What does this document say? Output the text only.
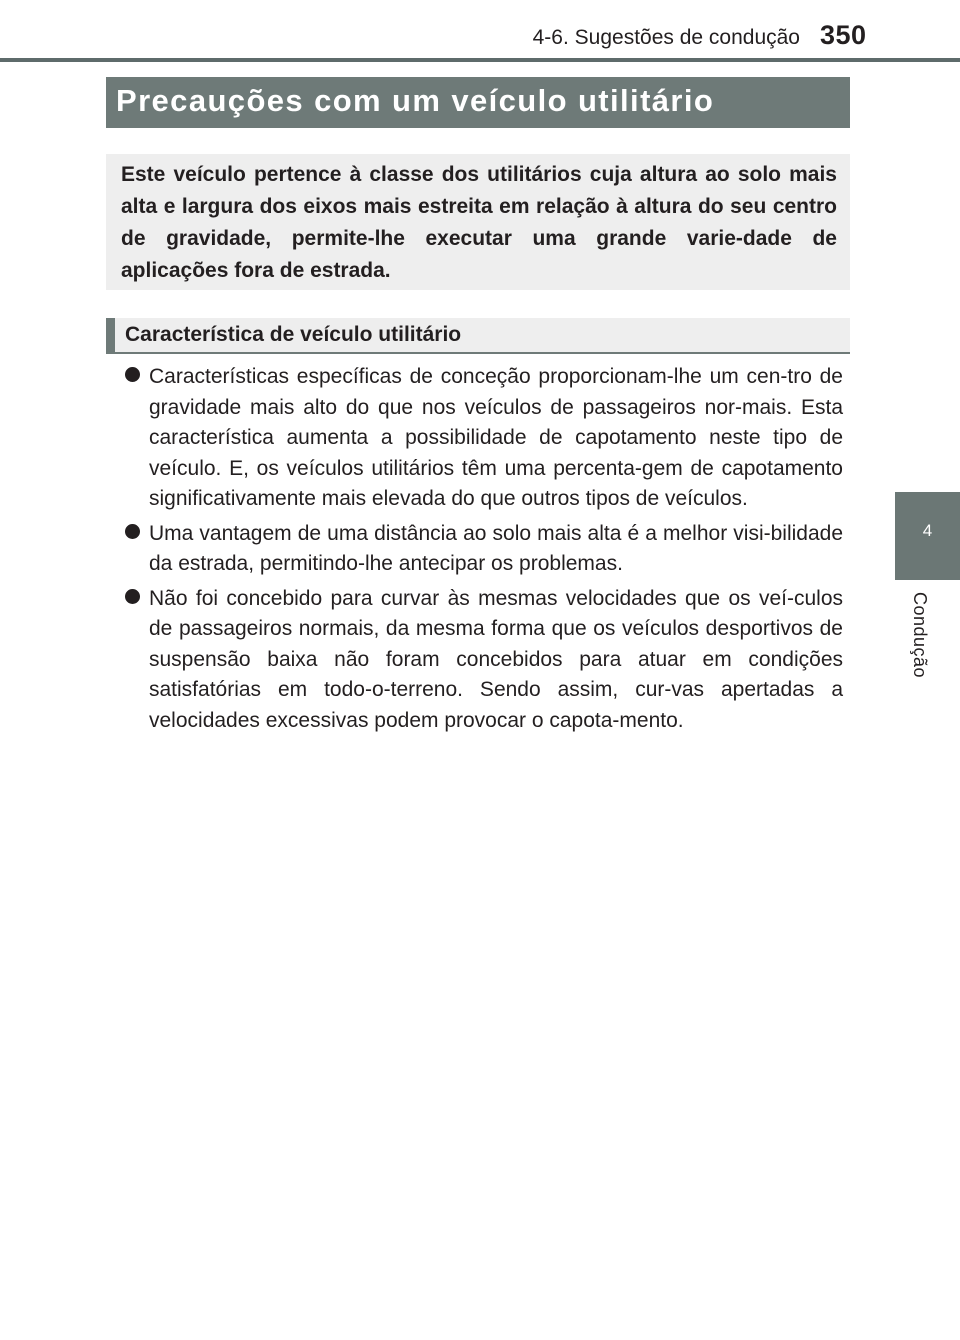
4-6. Sugestões de condução 350
4
Condução
Precauções com um veículo utilitário
Este veículo pertence à classe dos utilitários cuja altura ao solo mais alta e largura dos eixos mais estreita em relação à altura do seu centro de gravidade, permite-lhe executar uma grande varie-dade de aplicações fora de estrada.
Característica de veículo utilitário
Características específicas de conceção proporcionam-lhe um cen-tro de gravidade mais alto do que nos veículos de passageiros nor-mais. Esta característica aumenta a possibilidade de capotamento neste tipo de veículo. E, os veículos utilitários têm uma percenta-gem de capotamento significativamente mais elevada do que outros tipos de veículos.
Uma vantagem de uma distância ao solo mais alta é a melhor visi-bilidade da estrada, permitindo-lhe antecipar os problemas.
Não foi concebido para curvar às mesmas velocidades que os veí-culos de passageiros normais, da mesma forma que os veículos desportivos de suspensão baixa não foram concebidos para atuar em condições satisfatórias em todo-o-terreno. Sendo assim, cur-vas apertadas a velocidades excessivas podem provocar o capota-mento.
